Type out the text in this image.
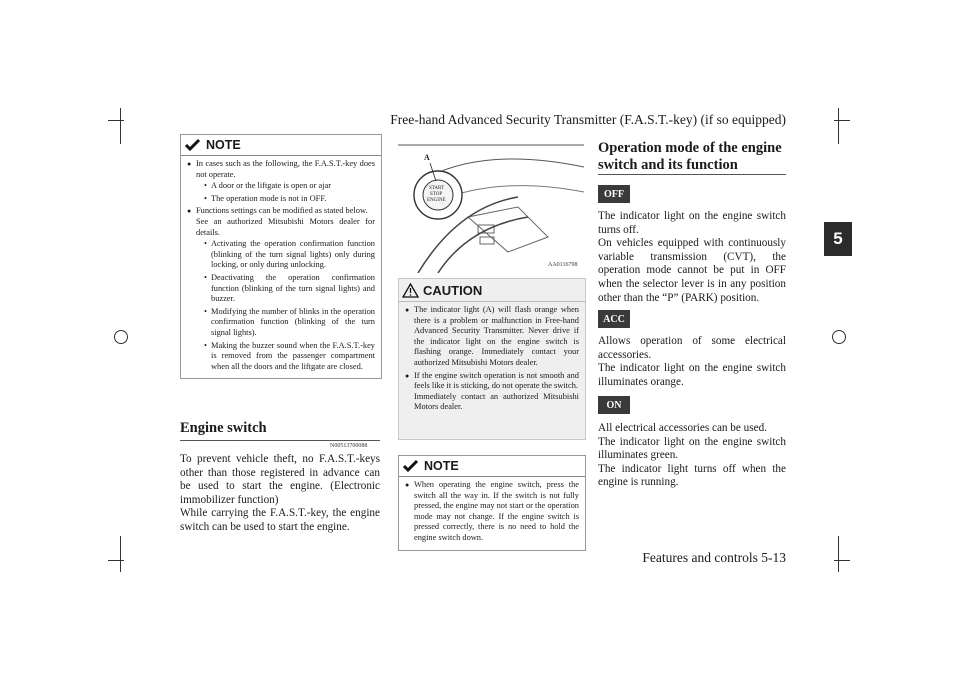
Free-hand Advanced Security Transmitter (F.A.S.T.-key) (if so equipped)
5
NOTE
● In cases such as the following, the F.A.S.T.-key does not operate.
• A door or the liftgate is open or ajar
• The operation mode is not in OFF.
● Functions settings can be modified as stated below.
See an authorized Mitsubishi Motors dealer for details.
• Activating the operation confirmation function (blinking of the turn signal lights) only during locking, or only during unlocking.
• Deactivating the operation confirmation function (blinking of the turn signal lights) and buzzer.
• Modifying the number of blinks in the operation confirmation function (blinking of the turn signal lights).
• Making the buzzer sound when the F.A.S.T.-key is removed from the passenger compartment when all the doors and the liftgate are closed.
Engine switch
N00513700088
To prevent vehicle theft, no F.A.S.T.-keys other than those registered in advance can be used to start the engine. (Electronic immobilizer function)
While carrying the F.A.S.T.-key, the engine switch can be used to start the engine.
A
START
STOP
ENGINE
AA0116798
CAUTION
● The indicator light (A) will flash orange when there is a problem or malfunction in Free-hand Advanced Security Transmitter. Never drive if the indicator light on the engine switch is flashing orange. Immediately contact your authorized Mitsubishi Motors dealer.
● If the engine switch operation is not smooth and feels like it is sticking, do not operate the switch.
Immediately contact an authorized Mitsubishi Motors dealer.
NOTE
● When operating the engine switch, press the switch all the way in. If the switch is not fully pressed, the engine may not start or the operation mode may not change. If the engine switch is pressed correctly, there is no need to hold the engine switch down.
Operation mode of the engine switch and its function
OFF
The indicator light on the engine switch turns off.
On vehicles equipped with continuously variable transmission (CVT), the operation mode cannot be put in OFF when the selector lever is in any position other than the “P” (PARK) position.
ACC
Allows operation of some electrical accessories.
The indicator light on the engine switch illuminates orange.
ON
All electrical accessories can be used.
The indicator light on the engine switch illuminates green.
The indicator light turns off when the engine is running.
Features and controls 5-13
